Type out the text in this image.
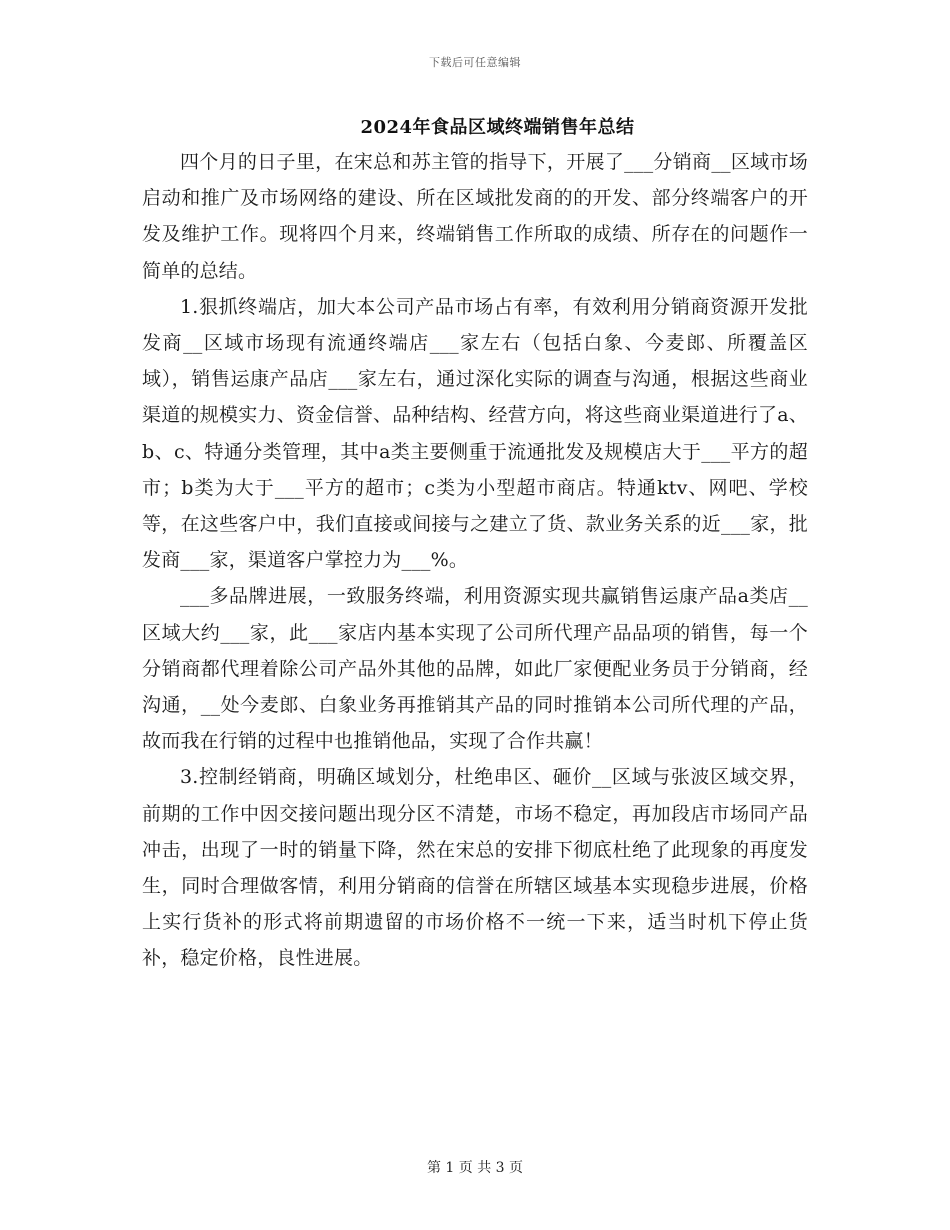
下载后可任意编辑
2024年食品区域终端销售年总结

四个月的日子里，在宋总和苏主管的指导下，开展了___分销商__区域市场启动和推广及市场网络的建设、所在区域批发商的的开发、部分终端客户的开发及维护工作。现将四个月来，终端销售工作所取的成绩、所存在的问题作一简单的总结。

1.狠抓终端店，加大本公司产品市场占有率，有效利用分销商资源开发批发商__区域市场现有流通终端店___家左右（包括白象、今麦郎、所覆盖区域），销售运康产品店___家左右，通过深化实际的调查与沟通，根据这些商业渠道的规模实力、资金信誉、品种结构、经营方向，将这些商业渠道进行了a、b、c、特通分类管理，其中a类主要侧重于流通批发及规模店大于___平方的超市；b类为大于___平方的超市；c类为小型超市商店。特通ktv、网吧、学校等，在这些客户中，我们直接或间接与之建立了货、款业务关系的近___家，批发商___家，渠道客户掌控力为___%。

___多品牌进展，一致服务终端，利用资源实现共赢销售运康产品a类店__区域大约___家，此___家店内基本实现了公司所代理产品品项的销售，每一个分销商都代理着除公司产品外其他的品牌，如此厂家便配业务员于分销商，经沟通，__处今麦郎、白象业务再推销其产品的同时推销本公司所代理的产品，故而我在行销的过程中也推销他品，实现了合作共赢！

3.控制经销商，明确区域划分，杜绝串区、砸价__区域与张波区域交界，前期的工作中因交接问题出现分区不清楚，市场不稳定，再加段店市场同产品冲击，出现了一时的销量下降，然在宋总的安排下彻底杜绝了此现象的再度发生，同时合理做客情，利用分销商的信誉在所辖区域基本实现稳步进展，价格上实行货补的形式将前期遗留的市场价格不一统一下来，适当时机下停止货补，稳定价格，良性进展。

第 1 页 共 3 页
